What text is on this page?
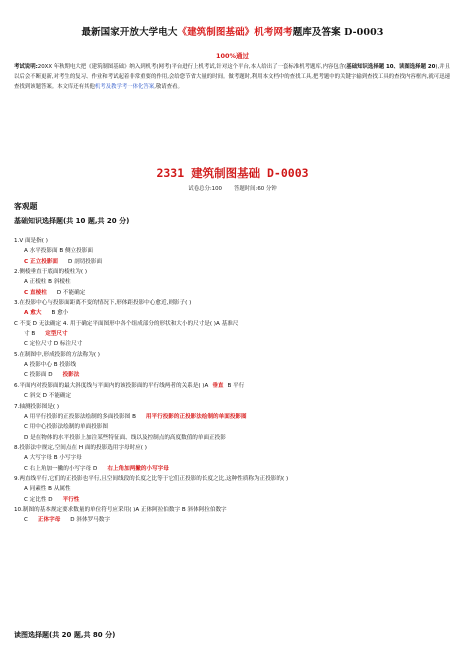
最新国家开放大学电大《建筑制图基础》机考网考题库及答案 D-0003
100%通过
考试说明:20XX 年秋期电大把《建筑制图基础》纳入到机考(网考)平台进行上机考试,针对这个平台,本人给出了一套标准机考题库,内容包含(基础知识选择题 10、读图选择题 20),并且以后会不断更新,对考生的复习、作业和考试起着非常重要的作用,会给您节省大量的时间。做考题时,利用本文档中的查找工具,把考题中的关键字输到查找工具的查找内容框内,就可迅速查找到该题答案。本文库还有其他机考及教学考一体化答案,敬请查看。
2331 建筑制图基础 D-0003
试卷总分:100 答题时间:60 分钟
客观题
基础知识选择题(共 10 题,共 20 分)
1.V 面是指( )
A 水平投影面 B 侧立投影面
C 正立投影面 D 剖切投影面
2.侧棱垂直于底面的棱柱为( )
A 正棱柱 B 斜棱柱
C 直棱柱 D 不能确定
3.在投影中心与投影面距离不变的情况下,形体距投影中心愈近,则影子( )
A 愈大 B 愈小
C 不变 D 无法确定 4. 用于确定平面图形中各个组成部分的形状和大小的尺寸是( )A 基准尺
寸 B 定型尺寸
C 定位尺寸 D 标注尺寸
5.在制图中,形成投影的方法称为( )
A 投影中心 B 投影线
C 投影面 D 投影法
6.平面内对投影面的最大斜度线与平面内的该投影面的平行线两者的关系是( )A 垂直 B 平行
C 斜交 D 不能确定
7.轴测投影图是( )
A 用平行投影的正投影法绘制的多面投影图 B 用平行投影的正投影法绘制的单面投影图
C 用中心投影法绘制的单面投影图
D 是在物体的水平投影上加注某些特征面、线以及控制点的高度数值的单面正投影
8.投影法中规定,空间点在 H 面的投影选用字母时应( )
A 大写字母 B 小写字母
C 右上角加一撇的小写字母 D 右上角加两撇的小写字母
9.两直线平行,它们的正投影也平行,且空间线段的长度之比等于它们正投影的长度之比,这种性质称为正投影的( )
A 同素性 B 从属性
C 定比性 D 平行性
10.制图的基本规定要求数量的单位符号应采用( )A 正体阿拉伯数字 B 斜体阿拉伯数字
C 正体字母 D 斜体罗马数字
读图选择题(共 20 题,共 80 分)
